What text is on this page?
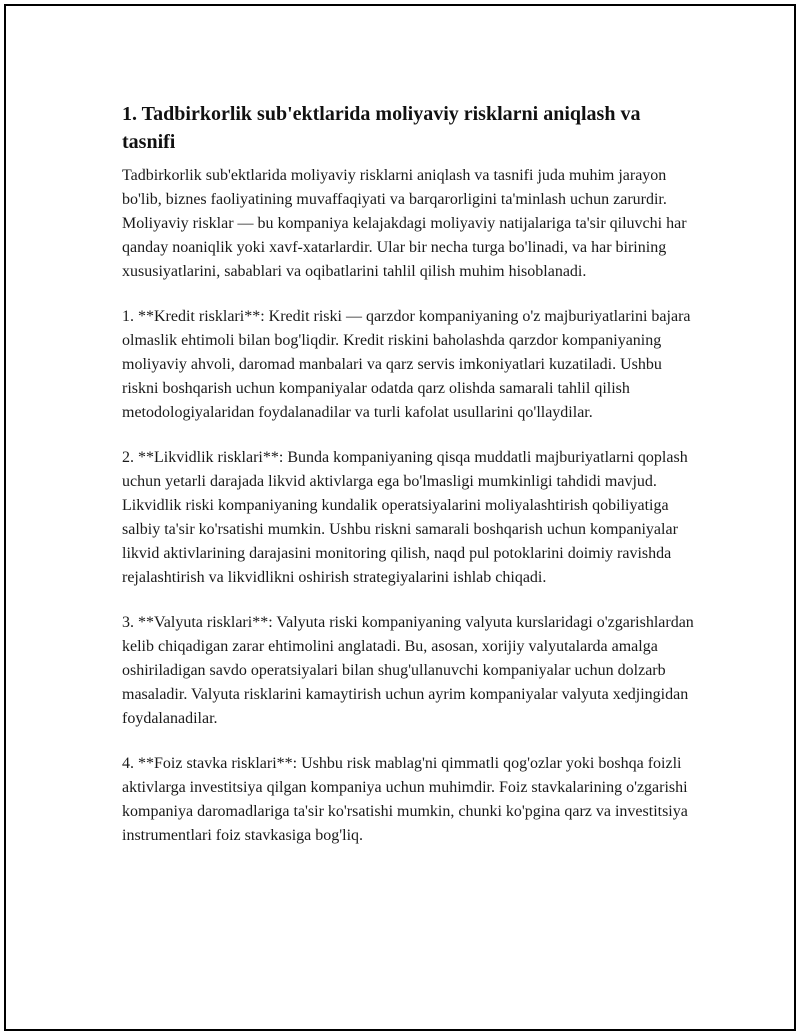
1. Tadbirkorlik sub'ektlarida moliyaviy risklarni aniqlash va tasnifi

Tadbirkorlik sub'ektlarida moliyaviy risklarni aniqlash va tasnifi juda muhim jarayon bo'lib, biznes faoliyatining muvaffaqiyati va barqarorligini ta'minlash uchun zarurdir. Moliyaviy risklar — bu kompaniya kelajakdagi moliyaviy natijalariga ta'sir qiluvchi har qanday noaniqlik yoki xavf-xatarlardir. Ular bir necha turga bo'linadi, va har birining xususiyatlarini, sabablari va oqibatlarini tahlil qilish muhim hisoblanadi.

1. **Kredit risklari**: Kredit riski — qarzdor kompaniyaning o'z majburiyatlarini bajara olmaslik ehtimoli bilan bog'liqdir. Kredit riskini baholashda qarzdor kompaniyaning moliyaviy ahvoli, daromad manbalari va qarz servis imkoniyatlari kuzatiladi. Ushbu riskni boshqarish uchun kompaniyalar odatda qarz olishda samarali tahlil qilish metodologiyalaridan foydalanadilar va turli kafolat usullarini qo'llaydilar.

2. **Likvidlik risklari**: Bunda kompaniyaning qisqa muddatli majburiyatlarni qoplash uchun yetarli darajada likvid aktivlarga ega bo'lmasligi mumkinligi tahdidi mavjud. Likvidlik riski kompaniyaning kundalik operatsiyalarini moliyalashtirish qobiliyatiga salbiy ta'sir ko'rsatishi mumkin. Ushbu riskni samarali boshqarish uchun kompaniyalar likvid aktivlarining darajasini monitoring qilish, naqd pul potoklarini doimiy ravishda rejalashtirish va likvidlikni oshirish strategiyalarini ishlab chiqadi.

3. **Valyuta risklari**: Valyuta riski kompaniyaning valyuta kurslaridagi o'zgarishlardan kelib chiqadigan zarar ehtimolini anglatadi. Bu, asosan, xorijiy valyutalarda amalga oshiriladigan savdo operatsiyalari bilan shug'ullanuvchi kompaniyalar uchun dolzarb masaladir. Valyuta risklarini kamaytirish uchun ayrim kompaniyalar valyuta xedjingidan foydalanadilar.

4. **Foiz stavka risklari**: Ushbu risk mablag'ni qimmatli qog'ozlar yoki boshqa foizli aktivlarga investitsiya qilgan kompaniya uchun muhimdir. Foiz stavkalarining o'zgarishi kompaniya daromadlariga ta'sir ko'rsatishi mumkin, chunki ko'pgina qarz va investitsiya instrumentlari foiz stavkasiga bog'liq.
